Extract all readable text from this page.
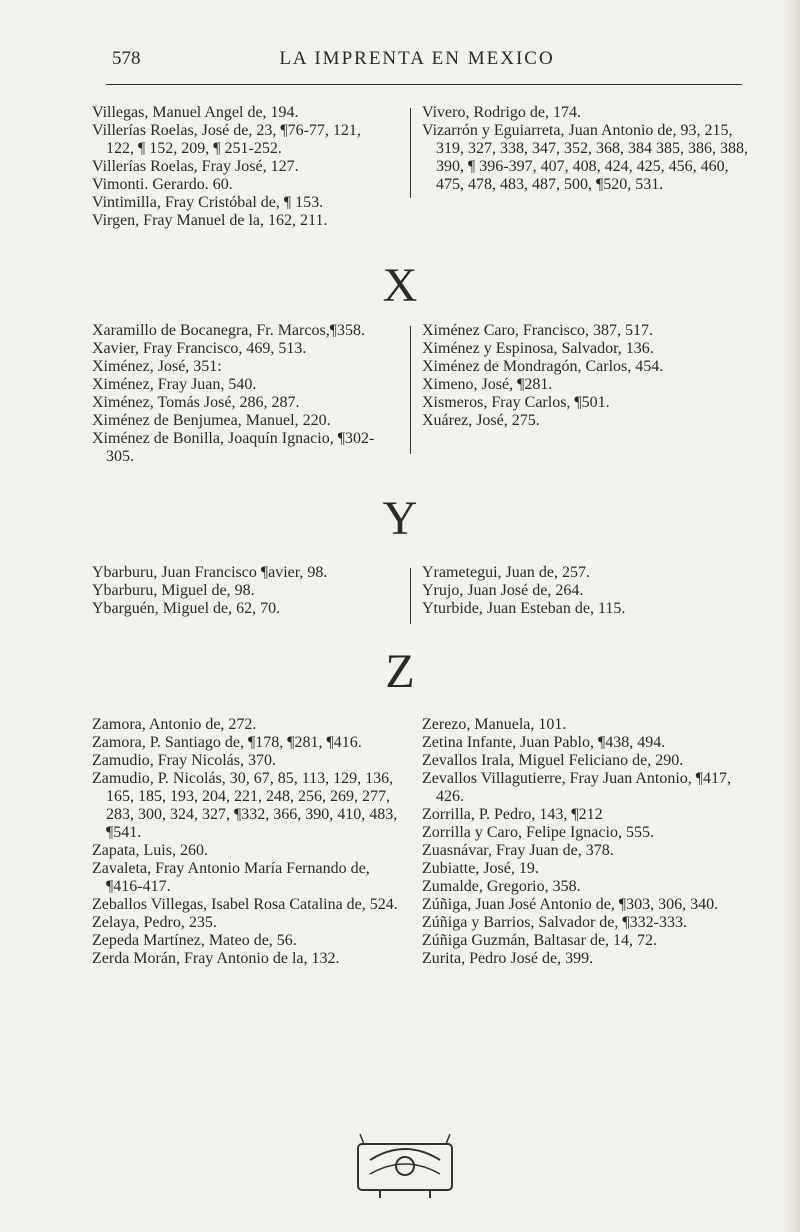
578	LA IMPRENTA EN MEXICO

Villegas, Manuel Angel de, 194.

Villerías Roelas, José de, 23, ¶76-77, 121, 122, ¶ 152, 209, ¶ 251-252.

Villerías Roelas, Fray José, 127.

Vimonti. Gerardo. 60.

Vintimilla, Fray Cristóbal de, ¶ 153.

Virgen, Fray Manuel de la, 162, 211.

Vivero, Rodrigo de, 174.

Vizarrón y Eguiarreta, Juan Antonio de, 93, 215, 319, 327, 338, 347, 352, 368, 384 385, 386, 388, 390, ¶ 396-397, 407, 408, 424, 425, 456, 460, 475, 478, 483, 487, 500, ¶520, 531.

X

Xaramillo de Bocanegra, Fr. Marcos,¶358.

Xavier, Fray Francisco, 469, 513.

Ximénez, José, 351:

Ximénez, Fray Juan, 540.

Ximénez, Tomás José, 286, 287.

Ximénez de Benjumea, Manuel, 220.

Ximénez de Bonilla, Joaquín Ignacio, ¶302-305.

Ximénez Caro, Francisco, 387, 517.

Ximénez y Espinosa, Salvador, 136.

Ximénez de Mondragón, Carlos, 454.

Ximeno, José, ¶281.

Xismeros, Fray Carlos, ¶501.

Xuárez, José, 275.

Y

Ybarburu, Juan Francisco ¶avier, 98.

Ybarburu, Miguel de, 98.

Ybarguén, Miguel de, 62, 70.

Yrametegui, Juan de, 257.

Yrujo, Juan José de, 264.

Yturbide, Juan Esteban de, 115.

Z

Zamora, Antonio de, 272.

Zamora, P. Santiago de, ¶178, ¶281, ¶416.

Zamudio, Fray Nicolás, 370.

Zamudio, P. Nicolás, 30, 67, 85, 113, 129, 136, 165, 185, 193, 204, 221, 248, 256, 269, 277, 283, 300, 324, 327, ¶332, 366, 390, 410, 483, ¶541.

Zapata, Luis, 260.

Zavaleta, Fray Antonio María Fernando de, ¶416-417.

Zeballos Villegas, Isabel Rosa Catalina de, 524.

Zelaya, Pedro, 235.

Zepeda Martínez, Mateo de, 56.

Zerda Morán, Fray Antonio de la, 132.

Zerezo, Manuela, 101.

Zetina Infante, Juan Pablo, ¶438, 494.

Zevallos Irala, Miguel Feliciano de, 290.

Zevallos Villagutierre, Fray Juan Antonio, ¶417, 426.

Zorrilla, P. Pedro, 143, ¶212

Zorrilla y Caro, Felipe Ignacio, 555.

Zuasnávar, Fray Juan de, 378.

Zubiatte, José, 19.

Zumalde, Gregorio, 358.

Zúñiga, Juan José Antonio de, ¶303, 306, 340.

Zúñiga y Barrios, Salvador de, ¶332-333.

Zúñiga Guzmán, Baltasar de, 14, 72.

Zurita, Pedro José de, 399.
